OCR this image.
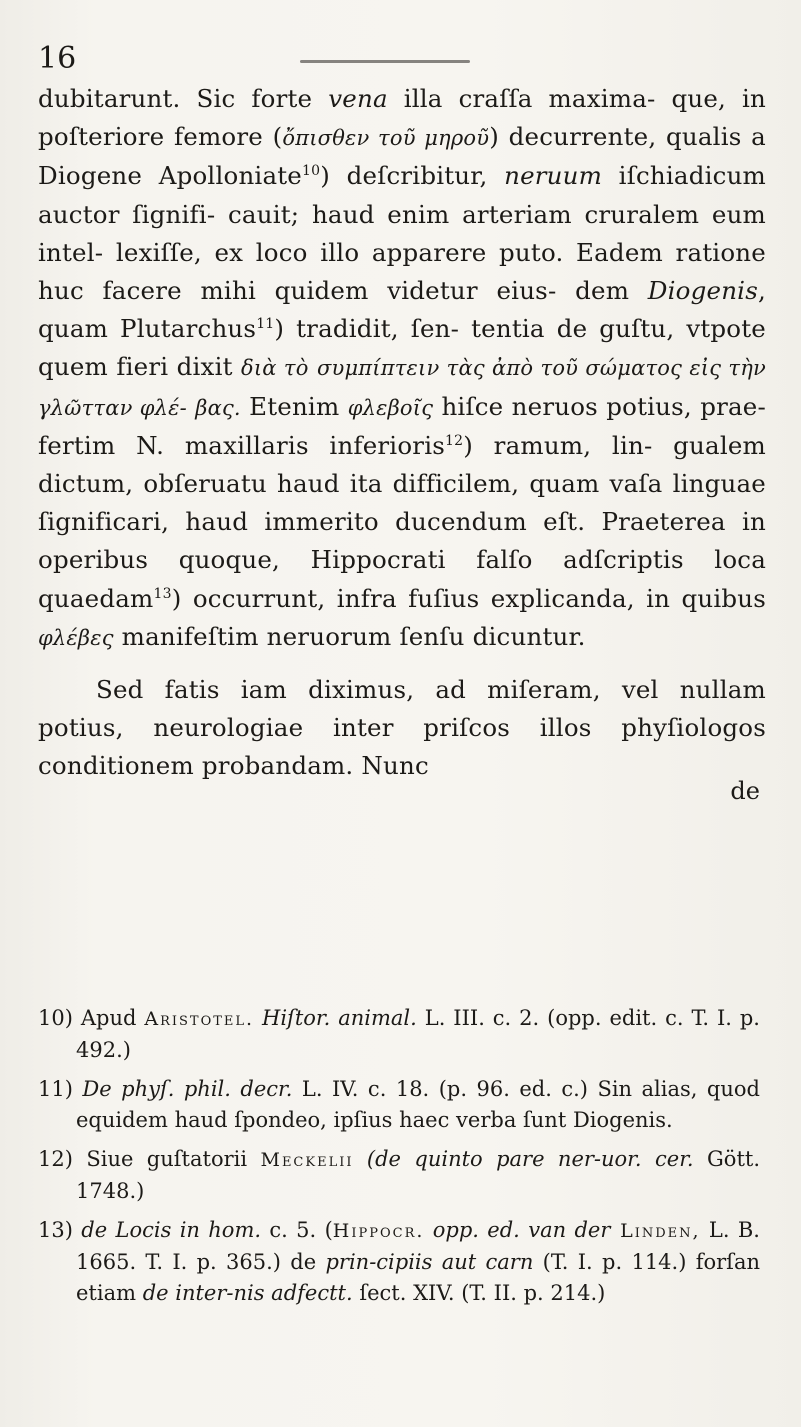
16

dubitarunt. Sic forte vena illa craſſa maxima- que, in poſteriore femore (ὄπισθεν τοῦ μηροῦ) decurrente, qualis a Diogene Apolloniate$^{10}$) deſcribitur, neruum iſchiadicum auctor ſignifi- cauit; haud enim arteriam cruralem eum intel- lexiſſe, ex loco illo apparere puto. Eadem ratione huc facere mihi quidem videtur eius- dem Diogenis, quam Plutarchus$^{11}$) tradidit, ſen- tentia de guſtu, vtpote quem fieri dixit διὰ τὸ συμπίπτειν τὰς ἀπὸ τοῦ σώματος εἰς τὴν γλῶτταν φλέ- βας. Etenim φλεβοῖς hiſce neruos potius, prae- fertim N. maxillaris inferioris$^{12}$) ramum, lin- gualem dictum, obſeruatu haud ita difficilem, quam vaſa linguae ſignificari, haud immerito ducendum eſt. Praeterea in operibus quoque, Hippocrati falſo adſcriptis loca quaedam$^{13}$) occurrunt, infra fuſius explicanda, in quibus φλέβες manifeſtim neruorum ſenſu dicuntur.

Sed fatis iam diximus, ad miſeram, vel nullam potius, neurologiae inter priſcos illos phyſiologos conditionem probandam. Nunc

de

10) Apud Aristotel. Hiſtor. animal. L. III. c. 2. (opp. edit. c. T. I. p. 492.)

11) De phyſ. phil. decr. L. IV. c. 18. (p. 96. ed. c.) Sin alias, quod equidem haud ſpondeo, ipſius haec verba ſunt Diogenis.

12) Siue guſtatorii Meckelii (de quinto pare ner-uor. cer. Gött. 1748.)

13) de Locis in hom. c. 5. (Hippocr. opp. ed. van der Linden, L. B. 1665. T. I. p. 365.) de prin-cipiis aut carn (T. I. p. 114.) forſan etiam de inter-nis adfectt. ſect. XIV. (T. II. p. 214.)
